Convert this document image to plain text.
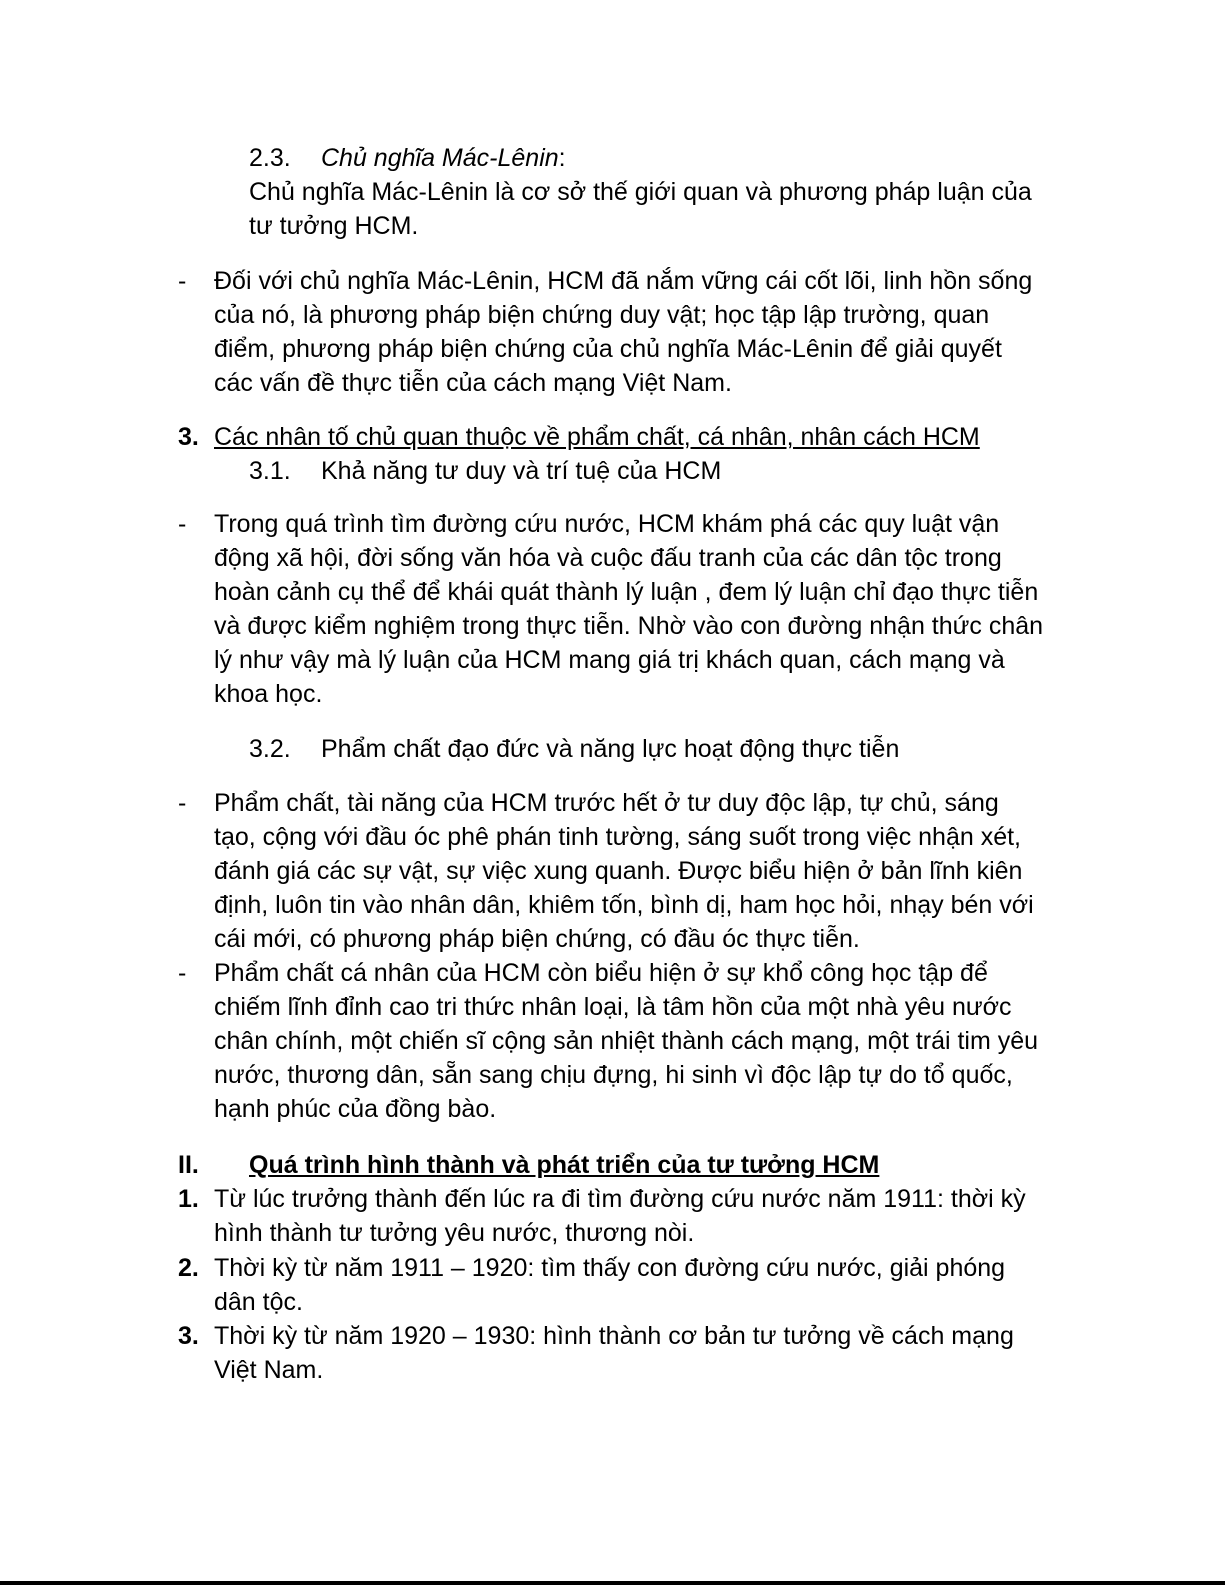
2.3. Chủ nghĩa Mác-Lênin:
Chủ nghĩa Mác-Lênin là cơ sở thế giới quan và phương pháp luận của
tư tưởng HCM.
- Đối với chủ nghĩa Mác-Lênin, HCM đã nắm vững cái cốt lõi, linh hồn sống
của nó, là phương pháp biện chứng duy vật; học tập lập trường, quan
điểm, phương pháp biện chứng của chủ nghĩa Mác-Lênin để giải quyết
các vấn đề thực tiễn của cách mạng Việt Nam.
3. Các nhân tố chủ quan thuộc về phẩm chất, cá nhân, nhân cách HCM
3.1. Khả năng tư duy và trí tuệ của HCM
- Trong quá trình tìm đường cứu nước, HCM khám phá các quy luật vận
động xã hội, đời sống văn hóa và cuộc đấu tranh của các dân tộc trong
hoàn cảnh cụ thể để khái quát thành lý luận , đem lý luận chỉ đạo thực tiễn
và được kiểm nghiệm trong thực tiễn. Nhờ vào con đường nhận thức chân
lý như vậy mà lý luận của HCM mang giá trị khách quan, cách mạng và
khoa học.
3.2. Phẩm chất đạo đức và năng lực hoạt động thực tiễn
- Phẩm chất, tài năng của HCM trước hết ở tư duy độc lập, tự chủ, sáng
tạo, cộng với đầu óc phê phán tinh tường, sáng suốt trong việc nhận xét,
đánh giá các sự vật, sự việc xung quanh. Được biểu hiện ở bản lĩnh kiên
định, luôn tin vào nhân dân, khiêm tốn, bình dị, ham học hỏi, nhạy bén với
cái mới, có phương pháp biện chứng, có đầu óc thực tiễn.
- Phẩm chất cá nhân của HCM còn biểu hiện ở sự khổ công học tập để
chiếm lĩnh đỉnh cao tri thức nhân loại, là tâm hồn của một nhà yêu nước
chân chính, một chiến sĩ cộng sản nhiệt thành cách mạng, một trái tim yêu
nước, thương dân, sẵn sang chịu đựng, hi sinh vì độc lập tự do tổ quốc,
hạnh phúc của đồng bào.
II. Quá trình hình thành và phát triển của tư tưởng HCM
1. Từ lúc trưởng thành đến lúc ra đi tìm đường cứu nước năm 1911: thời kỳ
hình thành tư tưởng yêu nước, thương nòi.
2. Thời kỳ từ năm 1911 – 1920: tìm thấy con đường cứu nước, giải phóng
dân tộc.
3. Thời kỳ từ năm 1920 – 1930: hình thành cơ bản tư tưởng về cách mạng
Việt Nam.
